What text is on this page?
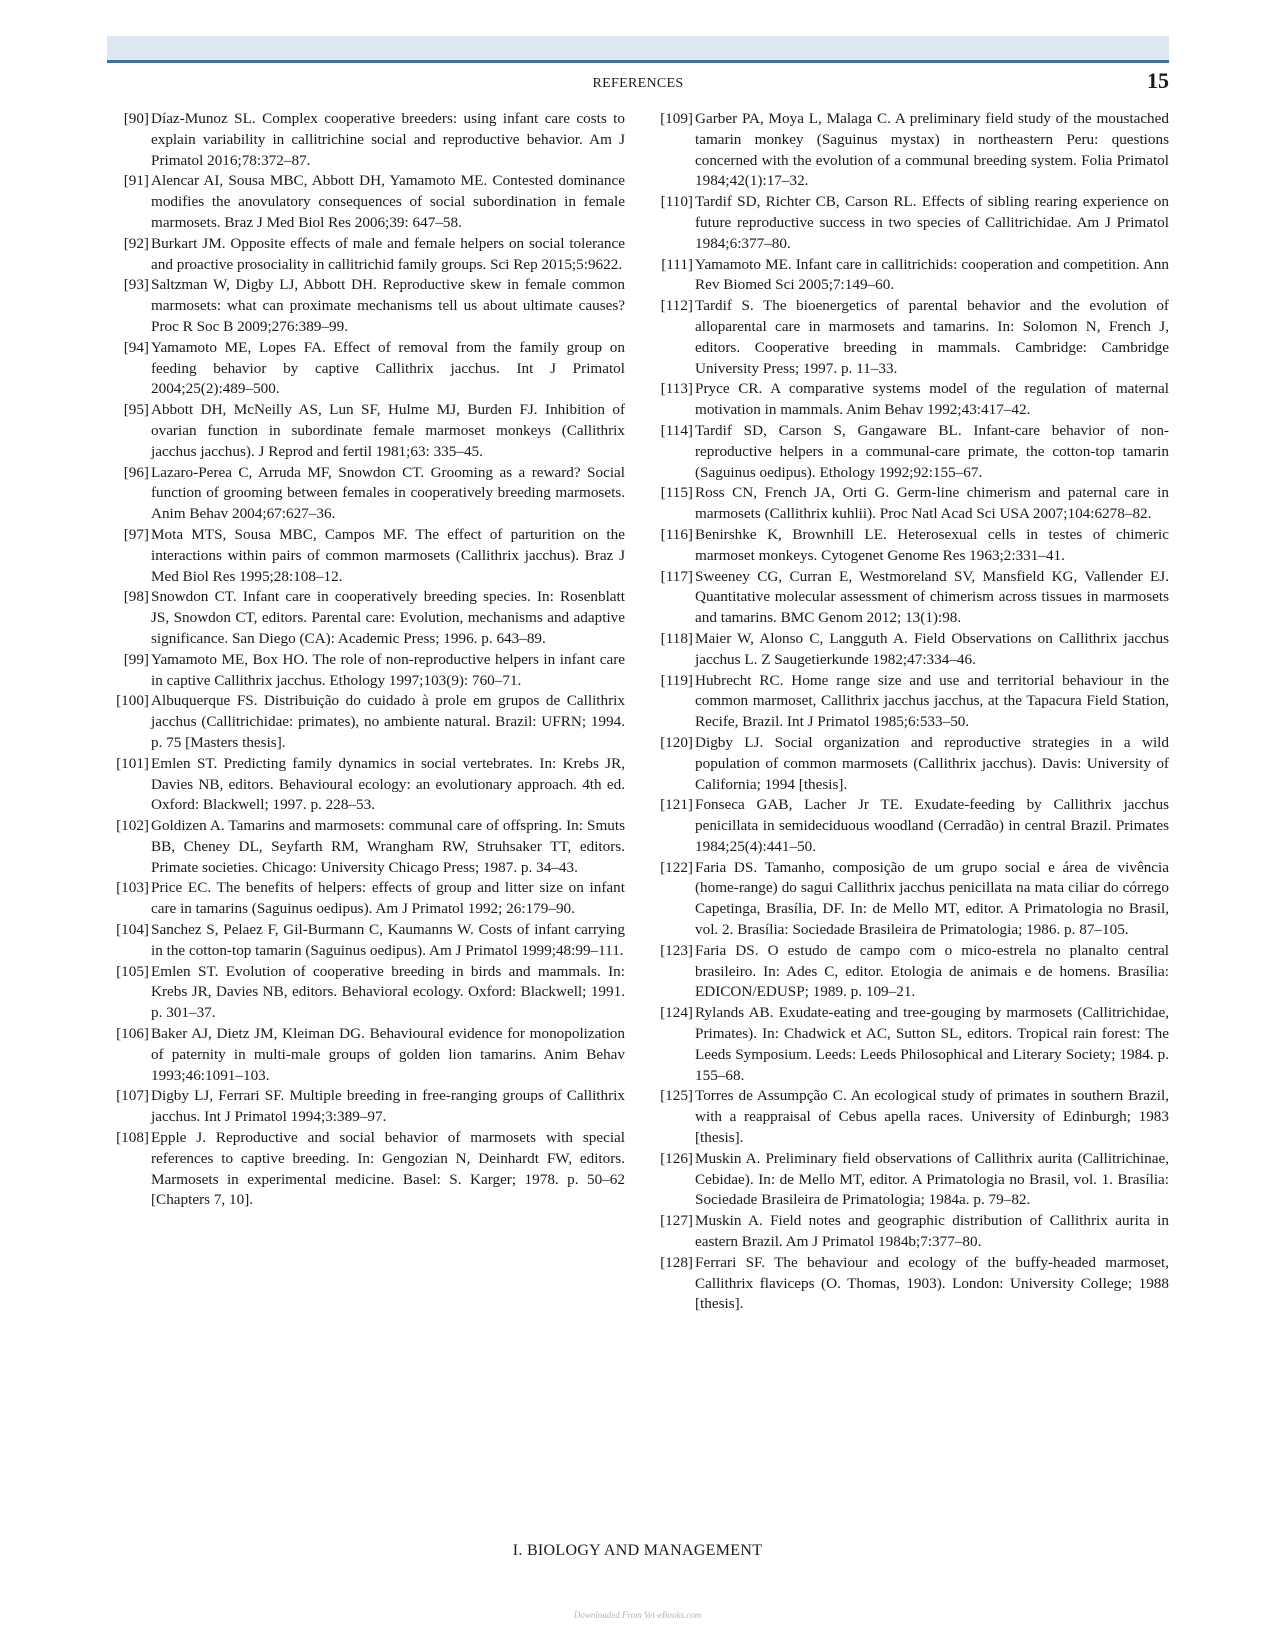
REFERENCES	15
[90] Díaz-Munoz SL. Complex cooperative breeders: using infant care costs to explain variability in callitrichine social and reproductive behavior. Am J Primatol 2016;78:372–87.
[91] Alencar AI, Sousa MBC, Abbott DH, Yamamoto ME. Contested dominance modifies the anovulatory consequences of social subordination in female marmosets. Braz J Med Biol Res 2006;39: 647–58.
[92] Burkart JM. Opposite effects of male and female helpers on social tolerance and proactive prosociality in callitrichid family groups. Sci Rep 2015;5:9622.
[93] Saltzman W, Digby LJ, Abbott DH. Reproductive skew in female common marmosets: what can proximate mechanisms tell us about ultimate causes? Proc R Soc B 2009;276:389–99.
[94] Yamamoto ME, Lopes FA. Effect of removal from the family group on feeding behavior by captive Callithrix jacchus. Int J Primatol 2004;25(2):489–500.
[95] Abbott DH, McNeilly AS, Lun SF, Hulme MJ, Burden FJ. Inhibition of ovarian function in subordinate female marmoset monkeys (Callithrix jacchus jacchus). J Reprod and fertil 1981;63: 335–45.
[96] Lazaro-Perea C, Arruda MF, Snowdon CT. Grooming as a reward? Social function of grooming between females in cooperatively breeding marmosets. Anim Behav 2004;67:627–36.
[97] Mota MTS, Sousa MBC, Campos MF. The effect of parturition on the interactions within pairs of common marmosets (Callithrix jacchus). Braz J Med Biol Res 1995;28:108–12.
[98] Snowdon CT. Infant care in cooperatively breeding species. In: Rosenblatt JS, Snowdon CT, editors. Parental care: Evolution, mechanisms and adaptive significance. San Diego (CA): Academic Press; 1996. p. 643–89.
[99] Yamamoto ME, Box HO. The role of non-reproductive helpers in infant care in captive Callithrix jacchus. Ethology 1997;103(9): 760–71.
[100] Albuquerque FS. Distribuição do cuidado à prole em grupos de Callithrix jacchus (Callitrichidae: primates), no ambiente natural. Brazil: UFRN; 1994. p. 75 [Masters thesis].
[101] Emlen ST. Predicting family dynamics in social vertebrates. In: Krebs JR, Davies NB, editors. Behavioural ecology: an evolutionary approach. 4th ed. Oxford: Blackwell; 1997. p. 228–53.
[102] Goldizen A. Tamarins and marmosets: communal care of offspring. In: Smuts BB, Cheney DL, Seyfarth RM, Wrangham RW, Struhsaker TT, editors. Primate societies. Chicago: University Chicago Press; 1987. p. 34–43.
[103] Price EC. The benefits of helpers: effects of group and litter size on infant care in tamarins (Saguinus oedipus). Am J Primatol 1992; 26:179–90.
[104] Sanchez S, Pelaez F, Gil-Burmann C, Kaumanns W. Costs of infant carrying in the cotton-top tamarin (Saguinus oedipus). Am J Primatol 1999;48:99–111.
[105] Emlen ST. Evolution of cooperative breeding in birds and mammals. In: Krebs JR, Davies NB, editors. Behavioral ecology. Oxford: Blackwell; 1991. p. 301–37.
[106] Baker AJ, Dietz JM, Kleiman DG. Behavioural evidence for monopolization of paternity in multi-male groups of golden lion tamarins. Anim Behav 1993;46:1091–103.
[107] Digby LJ, Ferrari SF. Multiple breeding in free-ranging groups of Callithrix jacchus. Int J Primatol 1994;3:389–97.
[108] Epple J. Reproductive and social behavior of marmosets with special references to captive breeding. In: Gengozian N, Deinhardt FW, editors. Marmosets in experimental medicine. Basel: S. Karger; 1978. p. 50–62 [Chapters 7, 10].
[109] Garber PA, Moya L, Malaga C. A preliminary field study of the moustached tamarin monkey (Saguinus mystax) in northeastern Peru: questions concerned with the evolution of a communal breeding system. Folia Primatol 1984;42(1):17–32.
[110] Tardif SD, Richter CB, Carson RL. Effects of sibling rearing experience on future reproductive success in two species of Callitrichidae. Am J Primatol 1984;6:377–80.
[111] Yamamoto ME. Infant care in callitrichids: cooperation and competition. Ann Rev Biomed Sci 2005;7:149–60.
[112] Tardif S. The bioenergetics of parental behavior and the evolution of alloparental care in marmosets and tamarins. In: Solomon N, French J, editors. Cooperative breeding in mammals. Cambridge: Cambridge University Press; 1997. p. 11–33.
[113] Pryce CR. A comparative systems model of the regulation of maternal motivation in mammals. Anim Behav 1992;43:417–42.
[114] Tardif SD, Carson S, Gangaware BL. Infant-care behavior of non-reproductive helpers in a communal-care primate, the cotton-top tamarin (Saguinus oedipus). Ethology 1992;92:155–67.
[115] Ross CN, French JA, Orti G. Germ-line chimerism and paternal care in marmosets (Callithrix kuhlii). Proc Natl Acad Sci USA 2007;104:6278–82.
[116] Benirshke K, Brownhill LE. Heterosexual cells in testes of chimeric marmoset monkeys. Cytogenet Genome Res 1963;2:331–41.
[117] Sweeney CG, Curran E, Westmoreland SV, Mansfield KG, Vallender EJ. Quantitative molecular assessment of chimerism across tissues in marmosets and tamarins. BMC Genom 2012; 13(1):98.
[118] Maier W, Alonso C, Langguth A. Field Observations on Callithrix jacchus jacchus L. Z Saugetierkunde 1982;47:334–46.
[119] Hubrecht RC. Home range size and use and territorial behaviour in the common marmoset, Callithrix jacchus jacchus, at the Tapacura Field Station, Recife, Brazil. Int J Primatol 1985;6:533–50.
[120] Digby LJ. Social organization and reproductive strategies in a wild population of common marmosets (Callithrix jacchus). Davis: University of California; 1994 [thesis].
[121] Fonseca GAB, Lacher Jr TE. Exudate-feeding by Callithrix jacchus penicillata in semideciduous woodland (Cerradão) in central Brazil. Primates 1984;25(4):441–50.
[122] Faria DS. Tamanho, composição de um grupo social e área de vivência (home-range) do sagui Callithrix jacchus penicillata na mata ciliar do córrego Capetinga, Brasília, DF. In: de Mello MT, editor. A Primatologia no Brasil, vol. 2. Brasília: Sociedade Brasileira de Primatologia; 1986. p. 87–105.
[123] Faria DS. O estudo de campo com o mico-estrela no planalto central brasileiro. In: Ades C, editor. Etologia de animais e de homens. Brasília: EDICON/EDUSP; 1989. p. 109–21.
[124] Rylands AB. Exudate-eating and tree-gouging by marmosets (Callitrichidae, Primates). In: Chadwick et AC, Sutton SL, editors. Tropical rain forest: The Leeds Symposium. Leeds: Leeds Philosophical and Literary Society; 1984. p. 155–68.
[125] Torres de Assumpção C. An ecological study of primates in southern Brazil, with a reappraisal of Cebus apella races. University of Edinburgh; 1983 [thesis].
[126] Muskin A. Preliminary field observations of Callithrix aurita (Callitrichinae, Cebidae). In: de Mello MT, editor. A Primatologia no Brasil, vol. 1. Brasília: Sociedade Brasileira de Primatologia; 1984a. p. 79–82.
[127] Muskin A. Field notes and geographic distribution of Callithrix aurita in eastern Brazil. Am J Primatol 1984b;7:377–80.
[128] Ferrari SF. The behaviour and ecology of the buffy-headed marmoset, Callithrix flaviceps (O. Thomas, 1903). London: University College; 1988 [thesis].
I. BIOLOGY AND MANAGEMENT
Downloaded From Vet-eBooks.com
